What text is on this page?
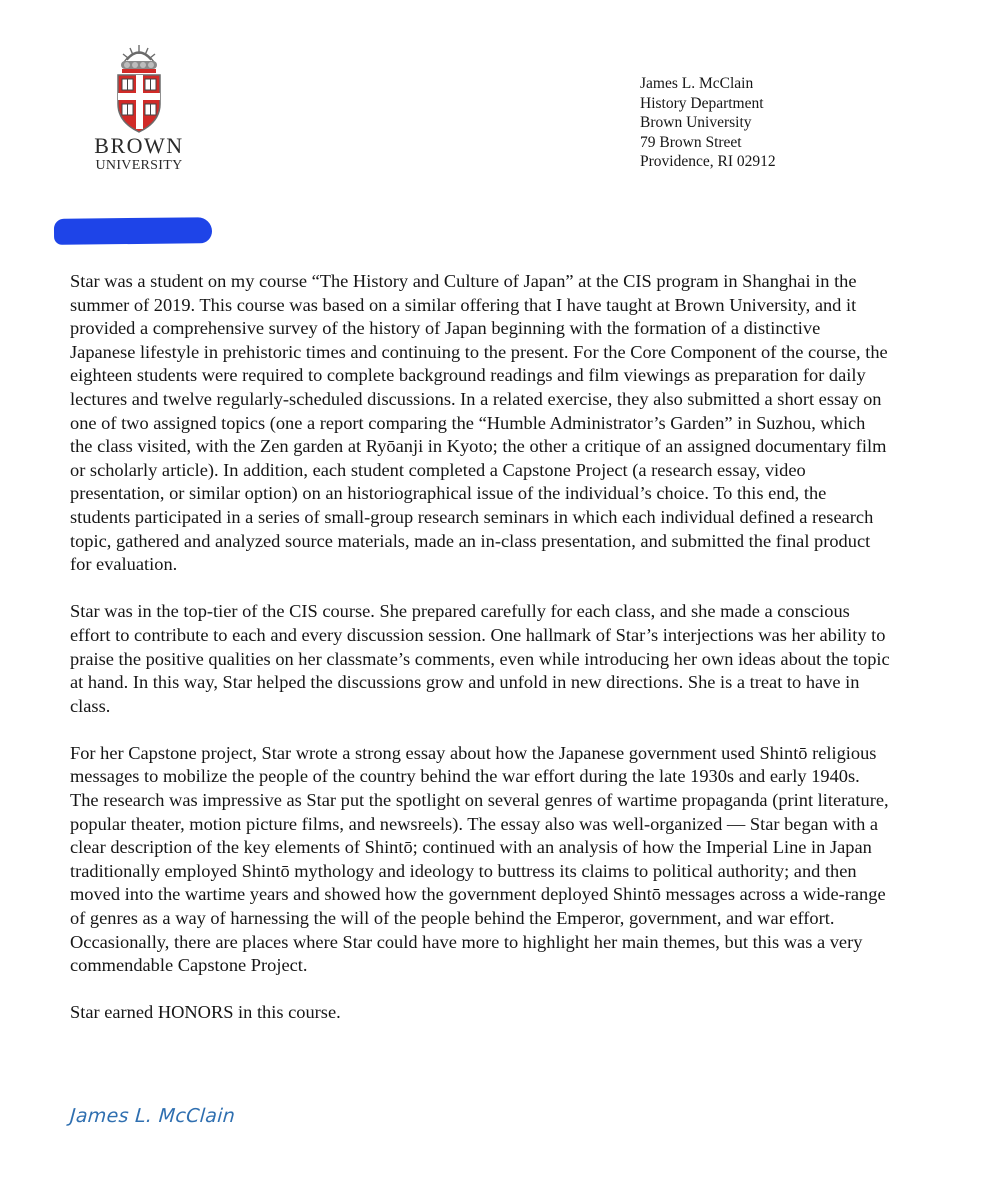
BROWN
UNIVERSITY
James L. McClain
History Department
Brown University
79 Brown Street
Providence, RI 02912

Star was a student on my course “The History and Culture of Japan” at the CIS program in Shanghai in the summer of 2019. This course was based on a similar offering that I have taught at Brown University, and it provided a comprehensive survey of the history of Japan beginning with the formation of a distinctive Japanese lifestyle in prehistoric times and continuing to the present. For the Core Component of the course, the eighteen students were required to complete background readings and film viewings as preparation for daily lectures and twelve regularly-scheduled discussions. In a related exercise, they also submitted a short essay on one of two assigned topics (one a report comparing the “Humble Administrator’s Garden” in Suzhou, which the class visited, with the Zen garden at Ryōanji in Kyoto; the other a critique of an assigned documentary film or scholarly article). In addition, each student completed a Capstone Project (a research essay, video presentation, or similar option) on an historiographical issue of the individual’s choice. To this end, the students participated in a series of small-group research seminars in which each individual defined a research topic, gathered and analyzed source materials, made an in-class presentation, and submitted the final product for evaluation.

Star was in the top-tier of the CIS course. She prepared carefully for each class, and she made a conscious effort to contribute to each and every discussion session. One hallmark of Star’s interjections was her ability to praise the positive qualities on her classmate’s comments, even while introducing her own ideas about the topic at hand. In this way, Star helped the discussions grow and unfold in new directions. She is a treat to have in class.

For her Capstone project, Star wrote a strong essay about how the Japanese government used Shintō religious messages to mobilize the people of the country behind the war effort during the late 1930s and early 1940s. The research was impressive as Star put the spotlight on several genres of wartime propaganda (print literature, popular theater, motion picture films, and newsreels). The essay also was well-organized — Star began with a clear description of the key elements of Shintō; continued with an analysis of how the Imperial Line in Japan traditionally employed Shintō mythology and ideology to buttress its claims to political authority; and then moved into the wartime years and showed how the government deployed Shintō messages across a wide-range of genres as a way of harnessing the will of the people behind the Emperor, government, and war effort. Occasionally, there are places where Star could have more to highlight her main themes, but this was a very commendable Capstone Project.

Star earned HONORS in this course.

James L. McClain
